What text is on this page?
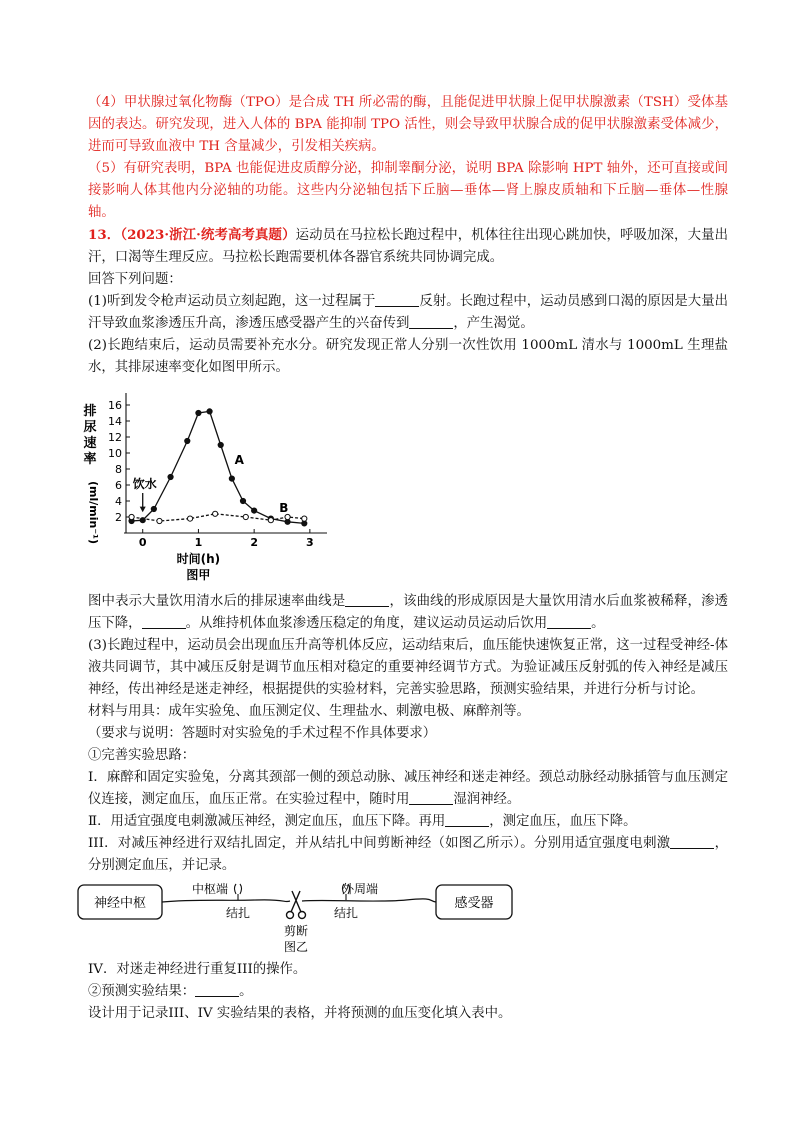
（4）甲状腺过氧化物酶（TPO）是合成 TH 所必需的酶，且能促进甲状腺上促甲状腺激素（TSH）受体基因的表达。研究发现，进入人体的 BPA 能抑制 TPO 活性，则会导致甲状腺合成的促甲状腺激素受体减少，进而可导致血液中 TH 含量减少，引发相关疾病。

（5）有研究表明，BPA 也能促进皮质醇分泌，抑制睾酮分泌，说明 BPA 除影响 HPT 轴外，还可直接或间接影响人体其他内分泌轴的功能。这些内分泌轴包括下丘脑—垂体—肾上腺皮质轴和下丘脑—垂体—性腺轴。

13．（2023·浙江·统考高考真题）运动员在马拉松长跑过程中，机体往往出现心跳加快，呼吸加深，大量出汗，口渴等生理反应。马拉松长跑需要机体各器官系统共同协调完成。

回答下列问题：

(1)听到发令枪声运动员立刻起跑，这一过程属于	反射。长跑过程中，运动员感到口渴的原因是大量出汗导致血浆渗透压升高，渗透压感受器产生的兴奋传到	，产生渴觉。

(2)长跑结束后，运动员需要补充水分。研究发现正常人分别一次性饮用 1000mL 清水与 1000mL 生理盐水，其排尿速率变化如图甲所示。

2
4
6
8
10
12
14
16
0	1	2	3
排
尿
速
率
(ml/min⁻¹)
时间(h)
图甲
饮水
A
B

图中表示大量饮用清水后的排尿速率曲线是	，该曲线的形成原因是大量饮用清水后血浆被稀释，渗透压下降，	。从维持机体血浆渗透压稳定的角度，建议运动员运动后饮用	。

(3)长跑过程中，运动员会出现血压升高等机体反应，运动结束后，血压能快速恢复正常，这一过程受神经-体液共同调节，其中减压反射是调节血压相对稳定的重要神经调节方式。为验证减压反射弧的传入神经是减压神经，传出神经是迷走神经，根据提供的实验材料，完善实验思路，预测实验结果，并进行分析与讨论。

材料与用具：成年实验兔、血压测定仪、生理盐水、刺激电极、麻醉剂等。

（要求与说明：答题时对实验兔的手术过程不作具体要求）

①完善实验思路：

I．麻醉和固定实验兔，分离其颈部一侧的颈总动脉、减压神经和迷走神经。颈总动脉经动脉插管与血压测定仪连接，测定血压，血压正常。在实验过程中，随时用	湿润神经。

Ⅱ．用适宜强度电刺激减压神经，测定血压，血压下降。再用	，测定血压，血压下降。

III．对减压神经进行双结扎固定，并从结扎中间剪断神经（如图乙所示）。分别用适宜强度电刺激	，分别测定血压，并记录。

神经中枢	感受器
中枢端	外周端
结扎	结扎
剪断
图乙

IV．对迷走神经进行重复III的操作。

②预测实验结果：	。

设计用于记录III、IV 实验结果的表格，并将预测的血压变化填入表中。
